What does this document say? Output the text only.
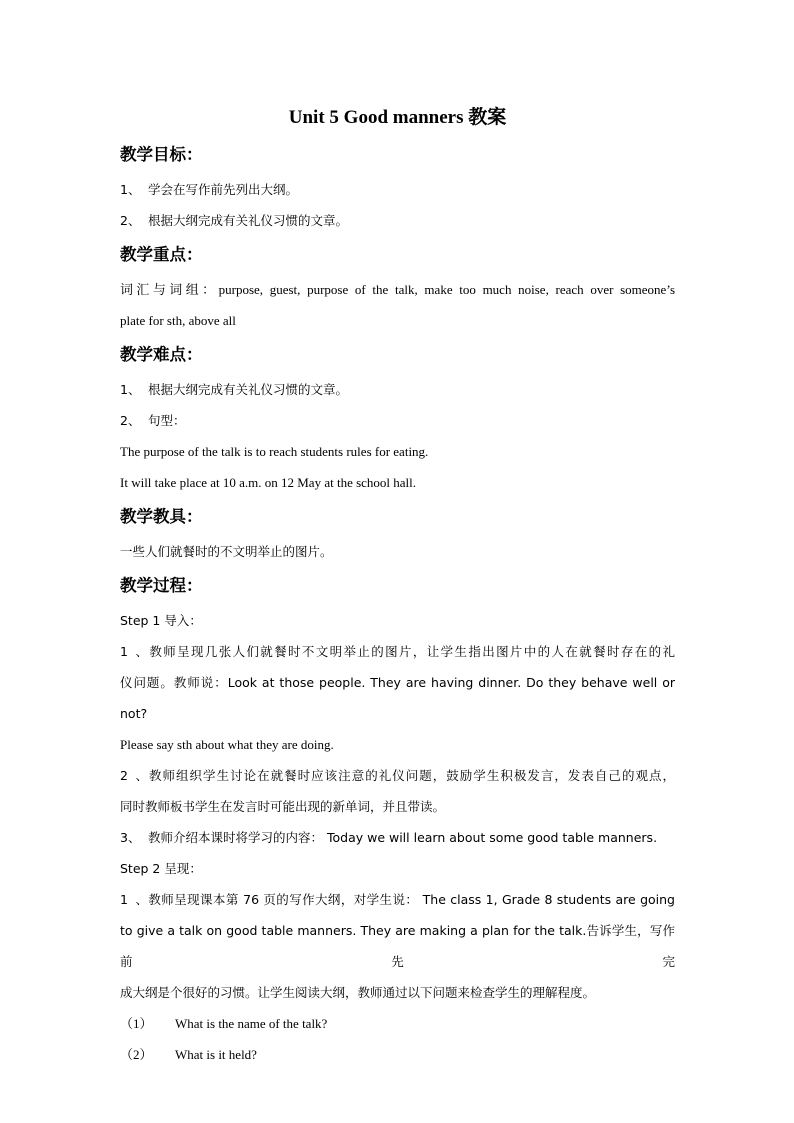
Unit 5 Good manners 教案
教学目标：
1、 学会在写作前先列出大纲。
2、 根据大纲完成有关礼仪习惯的文章。
教学重点：
词汇与词组：purpose, guest, purpose of the talk, make too much noise, reach over someone’s
plate for sth, above all
教学难点：
1、 根据大纲完成有关礼仪习惯的文章。
2、 句型：
The purpose of the talk is to reach students rules for eating.
It will take place at 10 a.m. on 12 May at the school hall.
教学教具：
一些人们就餐时的不文明举止的图片。
教学过程：
Step 1 导入：
1、教师呈现几张人们就餐时不文明举止的图片，让学生指出图片中的人在就餐时存在的礼
仪问题。教师说：Look at those people. They are having dinner. Do they behave well or not?
Please say sth about what they are doing.
2、教师组织学生讨论在就餐时应该注意的礼仪问题，鼓励学生积极发言，发表自己的观点，
同时教师板书学生在发言时可能出现的新单词，并且带读。
3、 教师介绍本课时将学习的内容： Today we will learn about some good table manners.
Step 2 呈现：
1、教师呈现课本第 76 页的写作大纲，对学生说： The class 1, Grade 8 students are going
to give a talk on good table manners. They are making a plan for the talk.告诉学生，写作前先完
成大纲是个很好的习惯。让学生阅读大纲，教师通过以下问题来检查学生的理解程度。
（1） What is the name of the talk?
（2） What is it held?
